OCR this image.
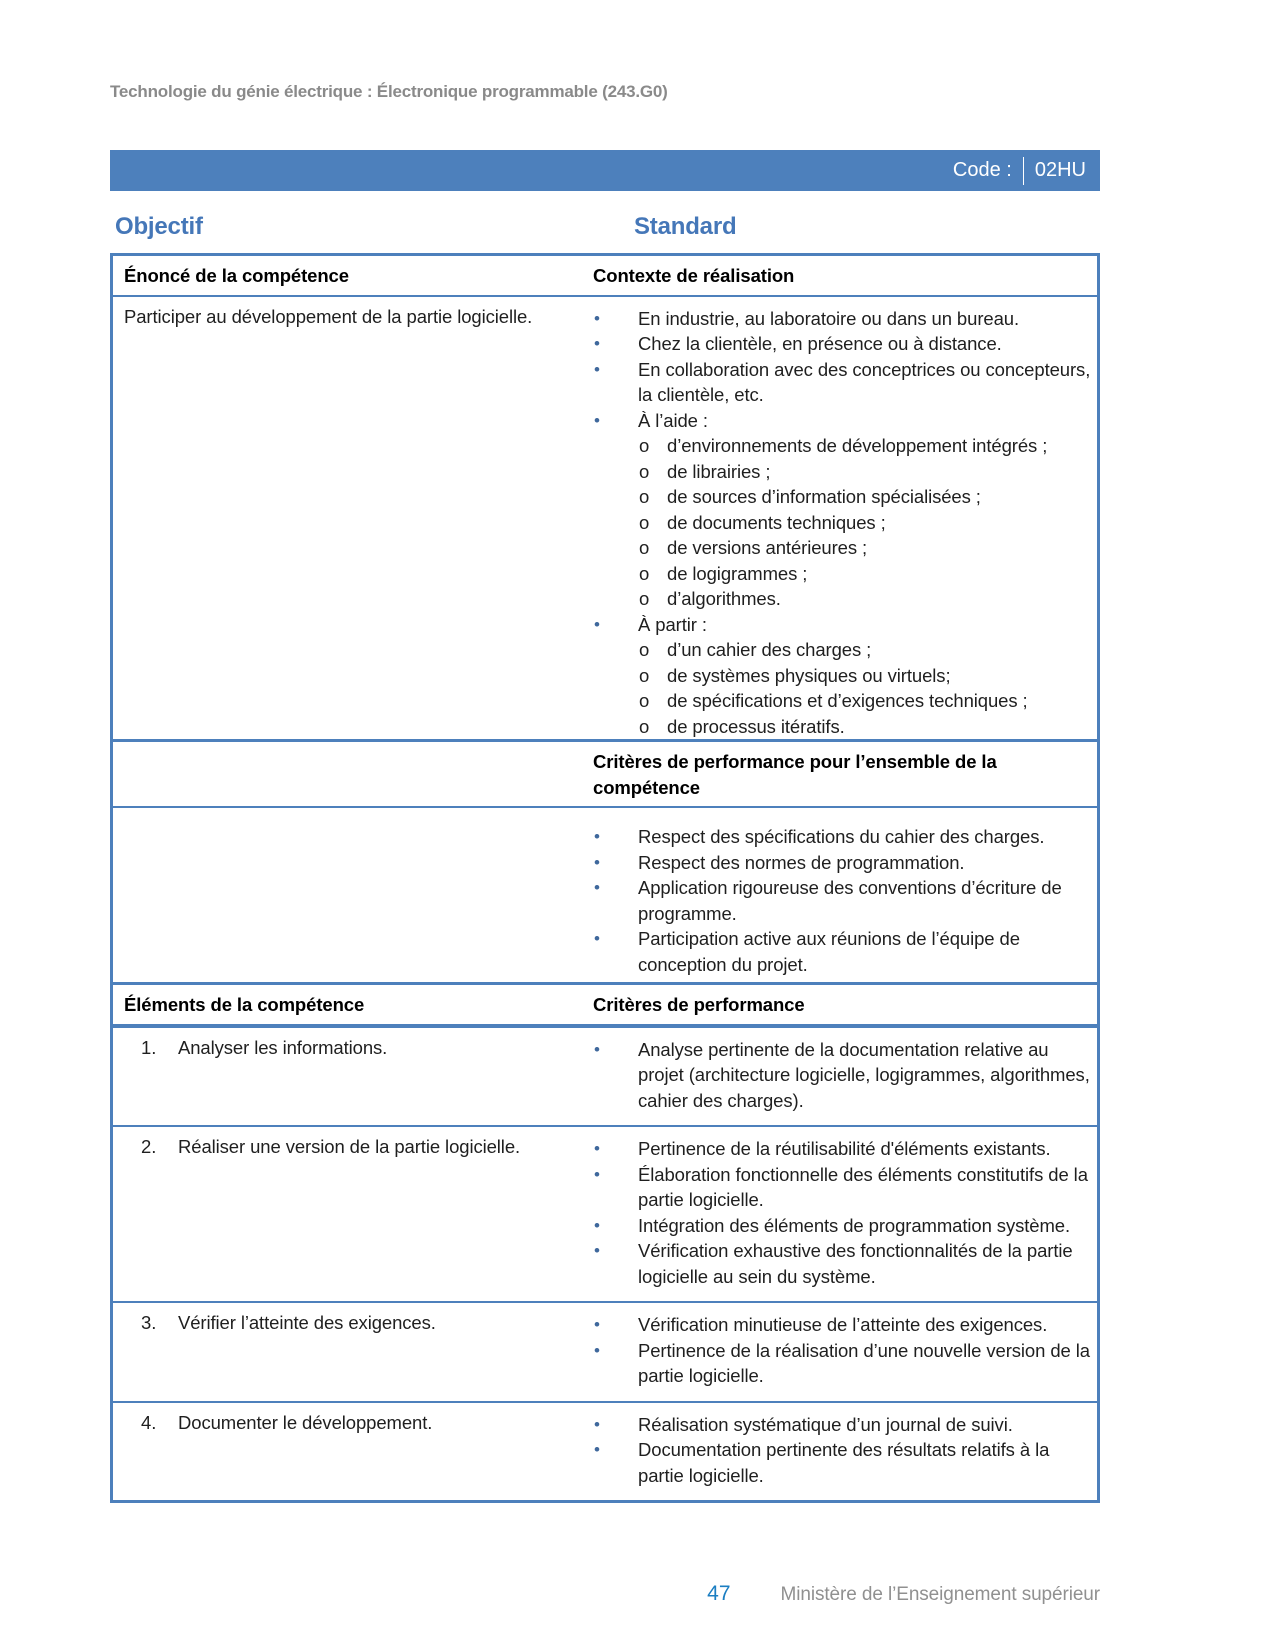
Technologie du génie électrique : Électronique programmable (243.G0)
Code : 02HU
Objectif	Standard
Énoncé de la compétence	Contexte de réalisation
Participer au développement de la partie logicielle.	•	En industrie, au laboratoire ou dans un bureau.
•	Chez la clientèle, en présence ou à distance.
•	En collaboration avec des conceptrices ou concepteurs, la clientèle, etc.
•	À l’aide :
o d’environnements de développement intégrés ;
o de librairies ;
o de sources d’information spécialisées ;
o de documents techniques ;
o de versions antérieures ;
o de logigrammes ;
o d’algorithmes.
•	À partir :
o d’un cahier des charges ;
o de systèmes physiques ou virtuels;
o de spécifications et d’exigences techniques ;
o de processus itératifs.
Critères de performance pour l’ensemble de la compétence
•	Respect des spécifications du cahier des charges.
•	Respect des normes de programmation.
•	Application rigoureuse des conventions d’écriture de programme.
•	Participation active aux réunions de l’équipe de conception du projet.
Éléments de la compétence	Critères de performance
1.	Analyser les informations.	•	Analyse pertinente de la documentation relative au projet (architecture logicielle, logigrammes, algorithmes, cahier des charges).
2.	Réaliser une version de la partie logicielle.	•	Pertinence de la réutilisabilité d'éléments existants.
•	Élaboration fonctionnelle des éléments constitutifs de la partie logicielle.
•	Intégration des éléments de programmation système.
•	Vérification exhaustive des fonctionnalités de la partie logicielle au sein du système.
3.	Vérifier l’atteinte des exigences.	•	Vérification minutieuse de l’atteinte des exigences.
•	Pertinence de la réalisation d’une nouvelle version de la partie logicielle.
4.	Documenter le développement.	•	Réalisation systématique d’un journal de suivi.
•	Documentation pertinente des résultats relatifs à la partie logicielle.
47	Ministère de l’Enseignement supérieur
